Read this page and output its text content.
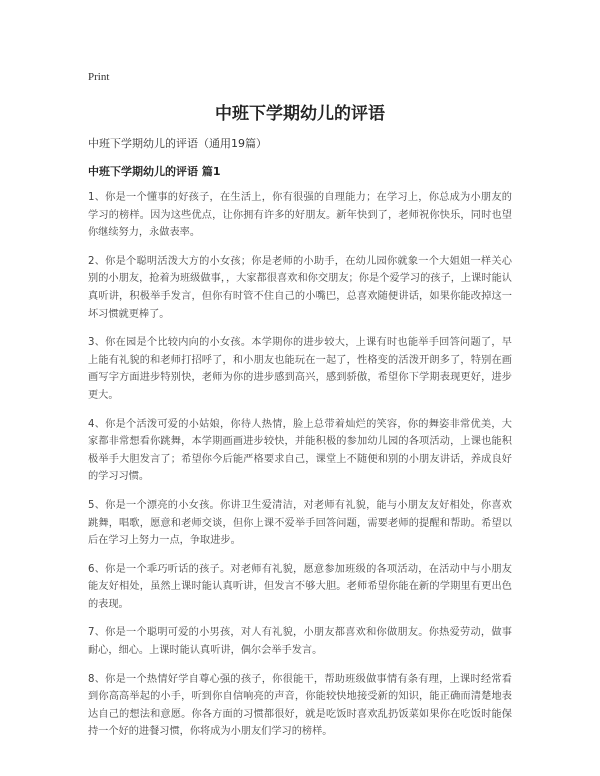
Print
中班下学期幼儿的评语

中班下学期幼儿的评语（通用19篇）

中班下学期幼儿的评语 篇1

1、你是一个懂事的好孩子，在生活上，你有很强的自理能力；在学习上，你总成为小朋友的学习的榜样。因为这些优点，让你拥有许多的好朋友。新年快到了，老师祝你快乐，同时也望你继续努力，永做表率。

2、你是个聪明活泼大方的小女孩；你是老师的小助手，在幼儿园你就象一个大姐姐一样关心别的小朋友，抢着为班级做事，，大家都很喜欢和你交朋友；你是个爱学习的孩子，上课时能认真听讲，积极举手发言，但你有时管不住自己的小嘴巴，总喜欢随便讲话，如果你能改掉这一坏习惯就更棒了。

3、你在园是个比较内向的小女孩。本学期你的进步较大，上课有时也能举手回答问题了，早上能有礼貌的和老师打招呼了，和小朋友也能玩在一起了，性格变的活泼开朗多了，特别在画画写字方面进步特别快，老师为你的进步感到高兴，感到骄傲，希望你下学期表现更好，进步更大。

4、你是个活泼可爱的小姑娘，你待人热情，脸上总带着灿烂的笑容，你的舞姿非常优美，大家都非常想看你跳舞，本学期画画进步较快，并能积极的参加幼儿园的各项活动，上课也能积极举手大胆发言了；希望你今后能严格要求自己，课堂上不随便和别的小朋友讲话，养成良好的学习习惯。

5、你是一个漂亮的小女孩。你讲卫生爱清洁，对老师有礼貌，能与小朋友友好相处，你喜欢跳舞，唱歌，愿意和老师交谈，但你上课不爱举手回答问题，需要老师的提醒和帮助。希望以后在学习上努力一点，争取进步。

6、你是一个乖巧听话的孩子。对老师有礼貌，愿意参加班级的各项活动，在活动中与小朋友能友好相处，虽然上课时能认真听讲，但发言不够大胆。老师希望你能在新的学期里有更出色的表现。

7、你是一个聪明可爱的小男孩，对人有礼貌，小朋友都喜欢和你做朋友。你热爱劳动，做事耐心，细心。上课时能认真听讲，偶尔会举手发言。

8、你是一个热情好学自尊心强的孩子，你很能干，帮助班级做事情有条有理，上课时经常看到你高高举起的小手，听到你自信响亮的声音，你能较快地接受新的知识，能正确而清楚地表达自己的想法和意愿。你各方面的习惯都很好，就是吃饭时喜欢乱扔饭菜如果你在吃饭时能保持一个好的进餐习惯，你将成为小朋友们学习的榜样。
